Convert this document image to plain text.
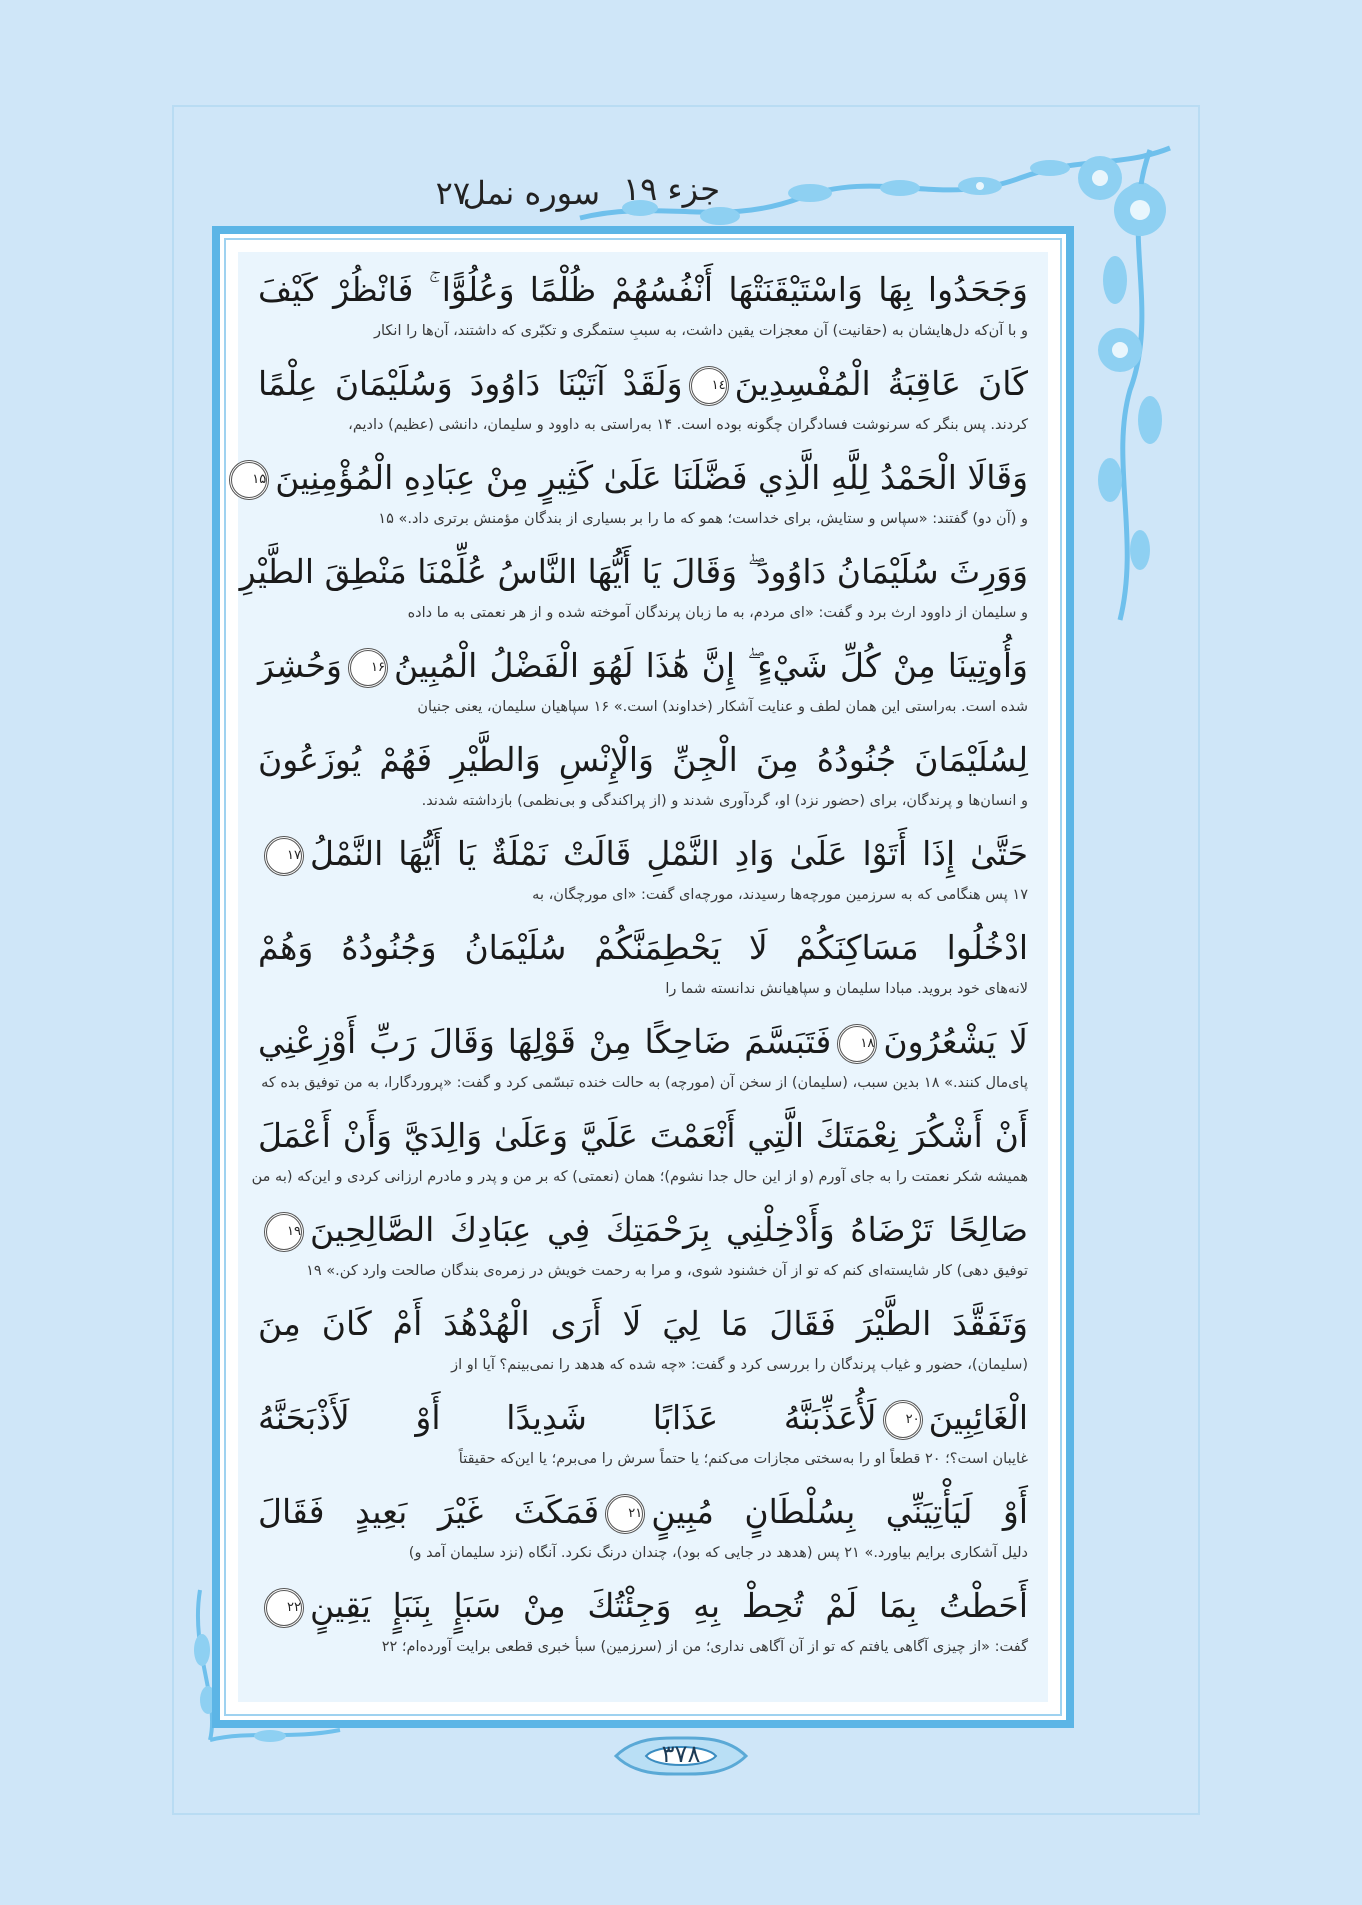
جزء ١٩
سوره نمل
٢٧
وَجَحَدُوا بِهَا وَاسْتَيْقَنَتْهَا أَنْفُسُهُمْ ظُلْمًا وَعُلُوًّا ۚ فَانْظُرْ كَيْفَ
و با آن‌که دل‌هایشان به (حقانیت) آن معجزات یقین داشت، به سببِ ستمگری و تکبّری که داشتند، آن‌ها را انکار
كَانَ عَاقِبَةُ الْمُفْسِدِينَ١٤وَلَقَدْ آتَيْنَا دَاوُودَ وَسُلَيْمَانَ عِلْمًا
کردند. پس بنگر که سرنوشت فسادگران چگونه بوده است. ١۴ به‌راستی به داوود و سلیمان، دانشی (عظیم) دادیم،
وَقَالَا الْحَمْدُ لِلَّهِ الَّذِي فَضَّلَنَا عَلَىٰ كَثِيرٍ مِنْ عِبَادِهِ الْمُؤْمِنِينَ١۵
و (آن دو) گفتند: «سپاس و ستایش، برای خداست؛ همو که ما را بر بسیاری از بندگان مؤمنش برتری داد.» ١۵
وَوَرِثَ سُلَيْمَانُ دَاوُودَ ۖ وَقَالَ يَا أَيُّهَا النَّاسُ عُلِّمْنَا مَنْطِقَ الطَّيْرِ
و سلیمان از داوود ارث برد و گفت: «ای مردم، به ما زبان پرندگان آموخته شده و از هر نعمتی به ما داده
وَأُوتِينَا مِنْ كُلِّ شَيْءٍ ۖ إِنَّ هَٰذَا لَهُوَ الْفَضْلُ الْمُبِينُ١۶وَحُشِرَ
شده است. به‌راستی این همان لطف و عنایت آشکار (خداوند) است.» ١۶ سپاهیان سلیمان، یعنی جنیان
لِسُلَيْمَانَ جُنُودُهُ مِنَ الْجِنِّ وَالْإِنْسِ وَالطَّيْرِ فَهُمْ يُوزَعُونَ
و انسان‌ها و پرندگان، برای (حضور نزد) او، گردآوری شدند و (از پراکندگی و بی‌نظمی) بازداشته شدند.
حَتَّىٰ إِذَا أَتَوْا عَلَىٰ وَادِ النَّمْلِ قَالَتْ نَمْلَةٌ يَا أَيُّهَا النَّمْلُ١٧
١٧ پس هنگامی که به سرزمین مورچه‌ها رسیدند، مورچه‌ای گفت: «ای مورچگان، به
ادْخُلُوا مَسَاكِنَكُمْ لَا يَحْطِمَنَّكُمْ سُلَيْمَانُ وَجُنُودُهُ وَهُمْ
لانه‌های خود بروید. مبادا سلیمان و سپاهیانش ندانسته شما را
لَا يَشْعُرُونَ١٨فَتَبَسَّمَ ضَاحِكًا مِنْ قَوْلِهَا وَقَالَ رَبِّ أَوْزِعْنِي
پای‌مال کنند.» ١٨ بدین سبب، (سلیمان) از سخن آن (مورچه) به حالت خنده تبسّمی کرد و گفت: «پروردگارا، به من توفیق بده که
أَنْ أَشْكُرَ نِعْمَتَكَ الَّتِي أَنْعَمْتَ عَلَيَّ وَعَلَىٰ وَالِدَيَّ وَأَنْ أَعْمَلَ
همیشه شکر نعمتت را به جای آورم (و از این حال جدا نشوم)؛ همان (نعمتی) که بر من و پدر و مادرم ارزانی کردی و این‌که (به من
صَالِحًا تَرْضَاهُ وَأَدْخِلْنِي بِرَحْمَتِكَ فِي عِبَادِكَ الصَّالِحِينَ١٩
توفیق دهی) کار شایسته‌ای کنم که تو از آن خشنود شوی، و مرا به رحمت خویش در زمره‌ی بندگان صالحت وارد کن.» ١٩
وَتَفَقَّدَ الطَّيْرَ فَقَالَ مَا لِيَ لَا أَرَى الْهُدْهُدَ أَمْ كَانَ مِنَ
(سلیمان)، حضور و غیاب پرندگان را بررسی کرد و گفت: «چه شده که هدهد را نمی‌بینم؟ آیا او از
الْغَائِبِينَ٢٠لَأُعَذِّبَنَّهُ عَذَابًا شَدِيدًا أَوْ لَأَذْبَحَنَّهُ
غایبان است؟؛ ٢٠ قطعاً او را به‌سختی مجازات می‌کنم؛ یا حتماً سرش را می‌برم؛ یا این‌که حقیقتاً
أَوْ لَيَأْتِيَنِّي بِسُلْطَانٍ مُبِينٍ٢١فَمَكَثَ غَيْرَ بَعِيدٍ فَقَالَ
دلیل آشکاری برایم بیاورد.» ٢١ پس (هدهد در جایی که بود)، چندان درنگ نکرد. آنگاه (نزد سلیمان آمد و)
أَحَطْتُ بِمَا لَمْ تُحِطْ بِهِ وَجِئْتُكَ مِنْ سَبَإٍ بِنَبَإٍ يَقِينٍ٢٢
گفت: «از چیزی آگاهی یافتم که تو از آن آگاهی نداری؛ من از (سرزمین) سبأ خبری قطعی برایت آورده‌ام؛ ٢٢
٣٧٨
